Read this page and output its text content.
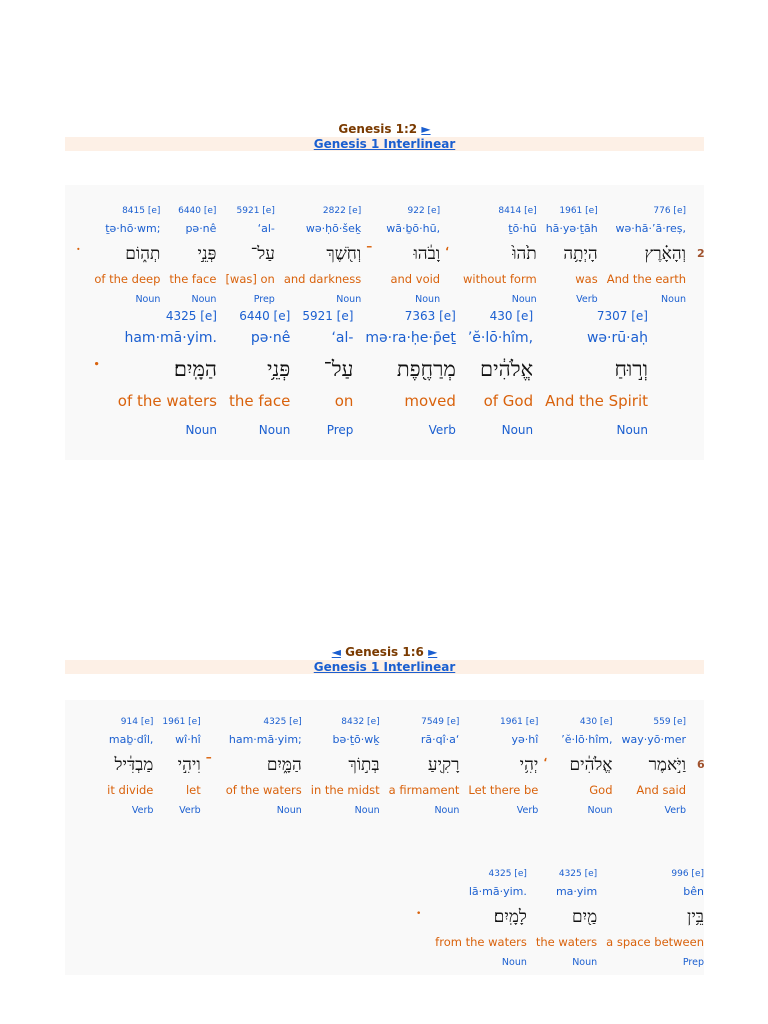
Genesis 1:2 ►
Genesis 1 Interlinear
2
776 [e]
wə·hā·’ā·reṣ,
וְהָאָ֗רֶץ
And the earth
Noun
1961 [e]
hā·yə·ṯāh
הָיְתָ֥ה
was
Verb
8414 [e]
ṯō·hū
תֹ֙הוּ֙
without form
Noun
،
922 [e]
wā·ḇō·hū,
וָבֹ֔הוּ
and void
Noun
–
2822 [e]
wə·ḥō·šeḵ
וְחֹ֖שֶׁךְ
and darkness
Noun
5921 [e]
‘al-
עַל־
[was] on
Prep
6440 [e]
pə·nê
פְּנֵ֣י
the face
Noun
8415 [e]
ṯə·hō·wm;
תְה֑וֹם
of the deep
Noun
.
7307 [e]
wə·rū·aḥ
וְר֣וּחַ
And the Spirit
Noun
430 [e]
’ĕ·lō·hîm,
אֱלֹהִ֔ים
of God
Noun
7363 [e]
mə·ra·ḥe·p̄eṯ
מְרַחֶ֖פֶת
moved
Verb
5921 [e]
‘al-
עַל־
on
Prep
6440 [e]
pə·nê
פְּנֵ֥י
the face
Noun
4325 [e]
ham·mā·yim.
הַמָּֽיִם׃
of the waters
Noun
.
◄ Genesis 1:6 ►
Genesis 1 Interlinear
6
559 [e]
way·yō·mer
וַיֹּ֣אמֶר
And said
Verb
430 [e]
’ĕ·lō·hîm,
אֱלֹהִ֔ים
God
Noun
،
1961 [e]
yə·hî
יְהִ֥י
Let there be
Verb
7549 [e]
rā·qî·a‘
רָקִ֖יעַ
a firmament
Noun
8432 [e]
bə·ṯō·wḵ
בְּת֣וֹךְ
in the midst
Noun
4325 [e]
ham·mā·yim;
הַמָּ֑יִם
of the waters
Noun
–
1961 [e]
wî·hî
וִיהִ֣י
let
Verb
914 [e]
maḇ·dîl,
מַבְדִּ֔יל
it divide
Verb
996 [e]
bên
בֵּ֥ין
a space between
Prep
4325 [e]
ma·yim
מַ֖יִם
the waters
Noun
4325 [e]
lā·mā·yim.
לָמָֽיִם׃
from the waters
Noun
.
